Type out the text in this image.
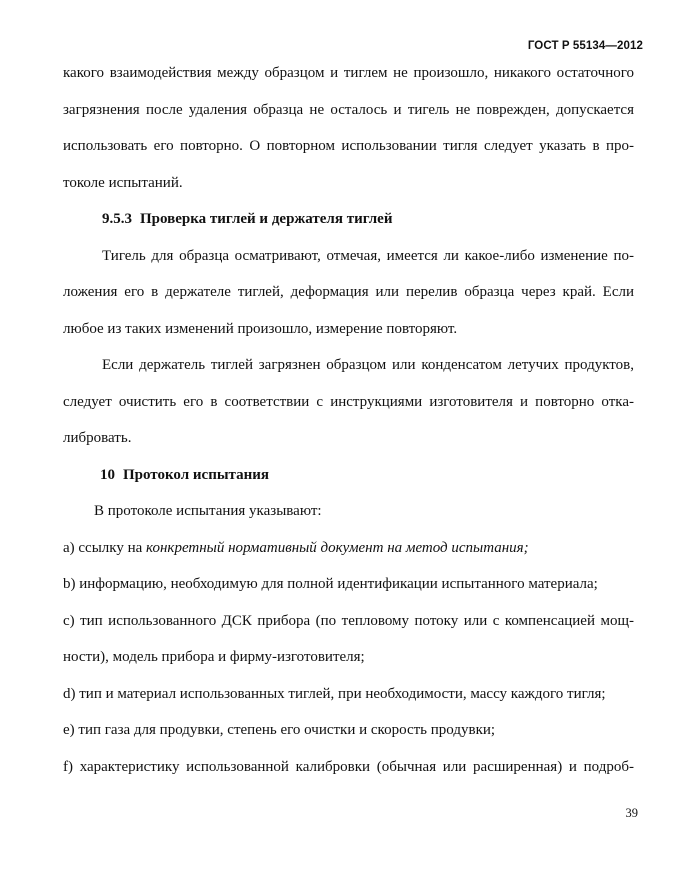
ГОСТ Р 55134—2012
какого взаимодействия между образцом и тиглем не произошло, никакого остаточного
загрязнения после удаления образца не осталось и тигель не поврежден, допускается
использовать его повторно. О повторном использовании тигля следует указать в про-
токоле испытаний.
9.5.3 Проверка тиглей и держателя тиглей
Тигель для образца осматривают, отмечая, имеется ли какое-либо изменение по-
ложения его в держателе тиглей, деформация или перелив образца через край. Если
любое из таких изменений произошло, измерение повторяют.
Если держатель тиглей загрязнен образцом или конденсатом летучих продуктов,
следует очистить его в соответствии с инструкциями изготовителя и повторно отка-
либровать.
10 Протокол испытания
В протоколе испытания указывают:
a) ссылку на конкретный нормативный документ на метод испытания;
b) информацию, необходимую для полной идентификации испытанного материала;
c) тип использованного ДСК прибора (по тепловому потоку или с компенсацией мощ-
ности), модель прибора и фирму-изготовителя;
d) тип и материал использованных тиглей, при необходимости, массу каждого тигля;
e) тип газа для продувки, степень его очистки и скорость продувки;
f) характеристику использованной калибровки (обычная или расширенная) и подроб-
39
